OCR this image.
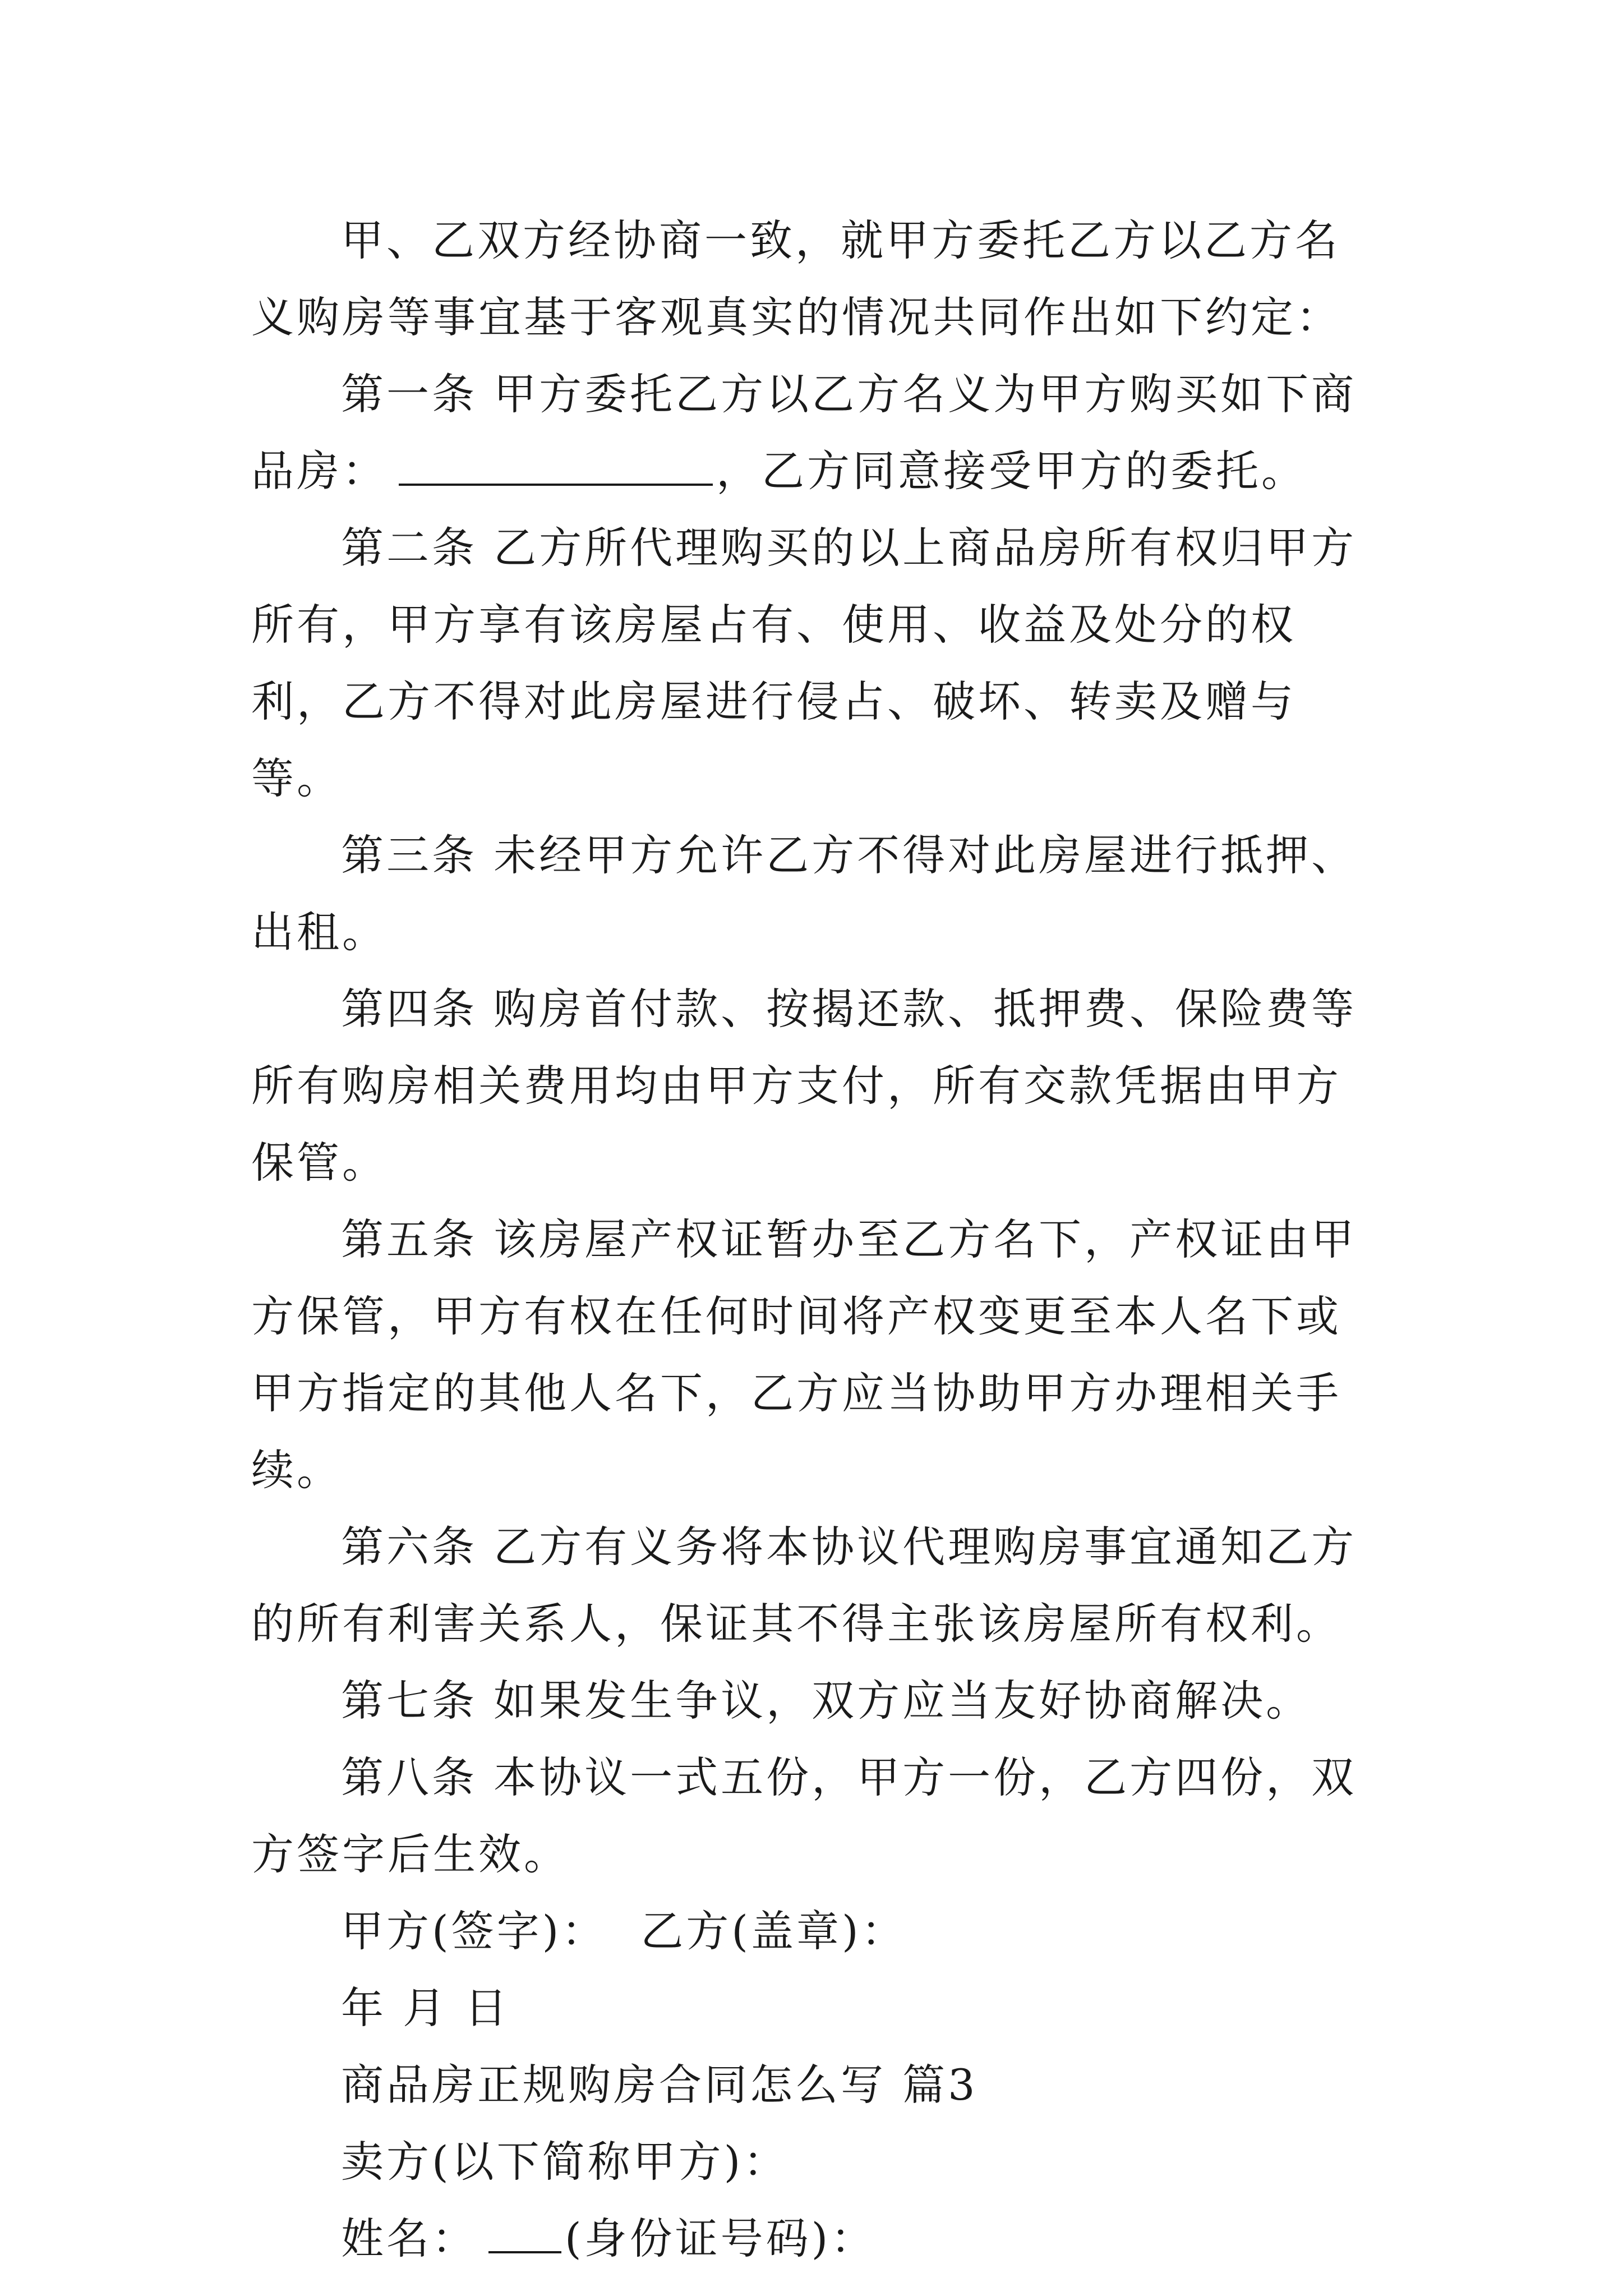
甲、乙双方经协商一致，就甲方委托乙方以乙方名义购房等事宜基于客观真实的情况共同作出如下约定：

第一条 甲方委托乙方以乙方名义为甲方购买如下商品房：	，乙方同意接受甲方的委托。

第二条 乙方所代理购买的以上商品房所有权归甲方所有，甲方享有该房屋占有、使用、收益及处分的权利，乙方不得对此房屋进行侵占、破坏、转卖及赠与等。

第三条 未经甲方允许乙方不得对此房屋进行抵押、出租。

第四条 购房首付款、按揭还款、抵押费、保险费等所有购房相关费用均由甲方支付，所有交款凭据由甲方保管。

第五条 该房屋产权证暂办至乙方名下，产权证由甲方保管，甲方有权在任何时间将产权变更至本人名下或甲方指定的其他人名下，乙方应当协助甲方办理相关手续。

第六条 乙方有义务将本协议代理购房事宜通知乙方的所有利害关系人，保证其不得主张该房屋所有权利。

第七条 如果发生争议，双方应当友好协商解决。

第八条 本协议一式五份，甲方一份，乙方四份，双方签字后生效。

甲方(签字)： 乙方(盖章)：

年 月 日

商品房正规购房合同怎么写 篇3

卖方(以下简称甲方)：

姓名： (身份证号码)：
